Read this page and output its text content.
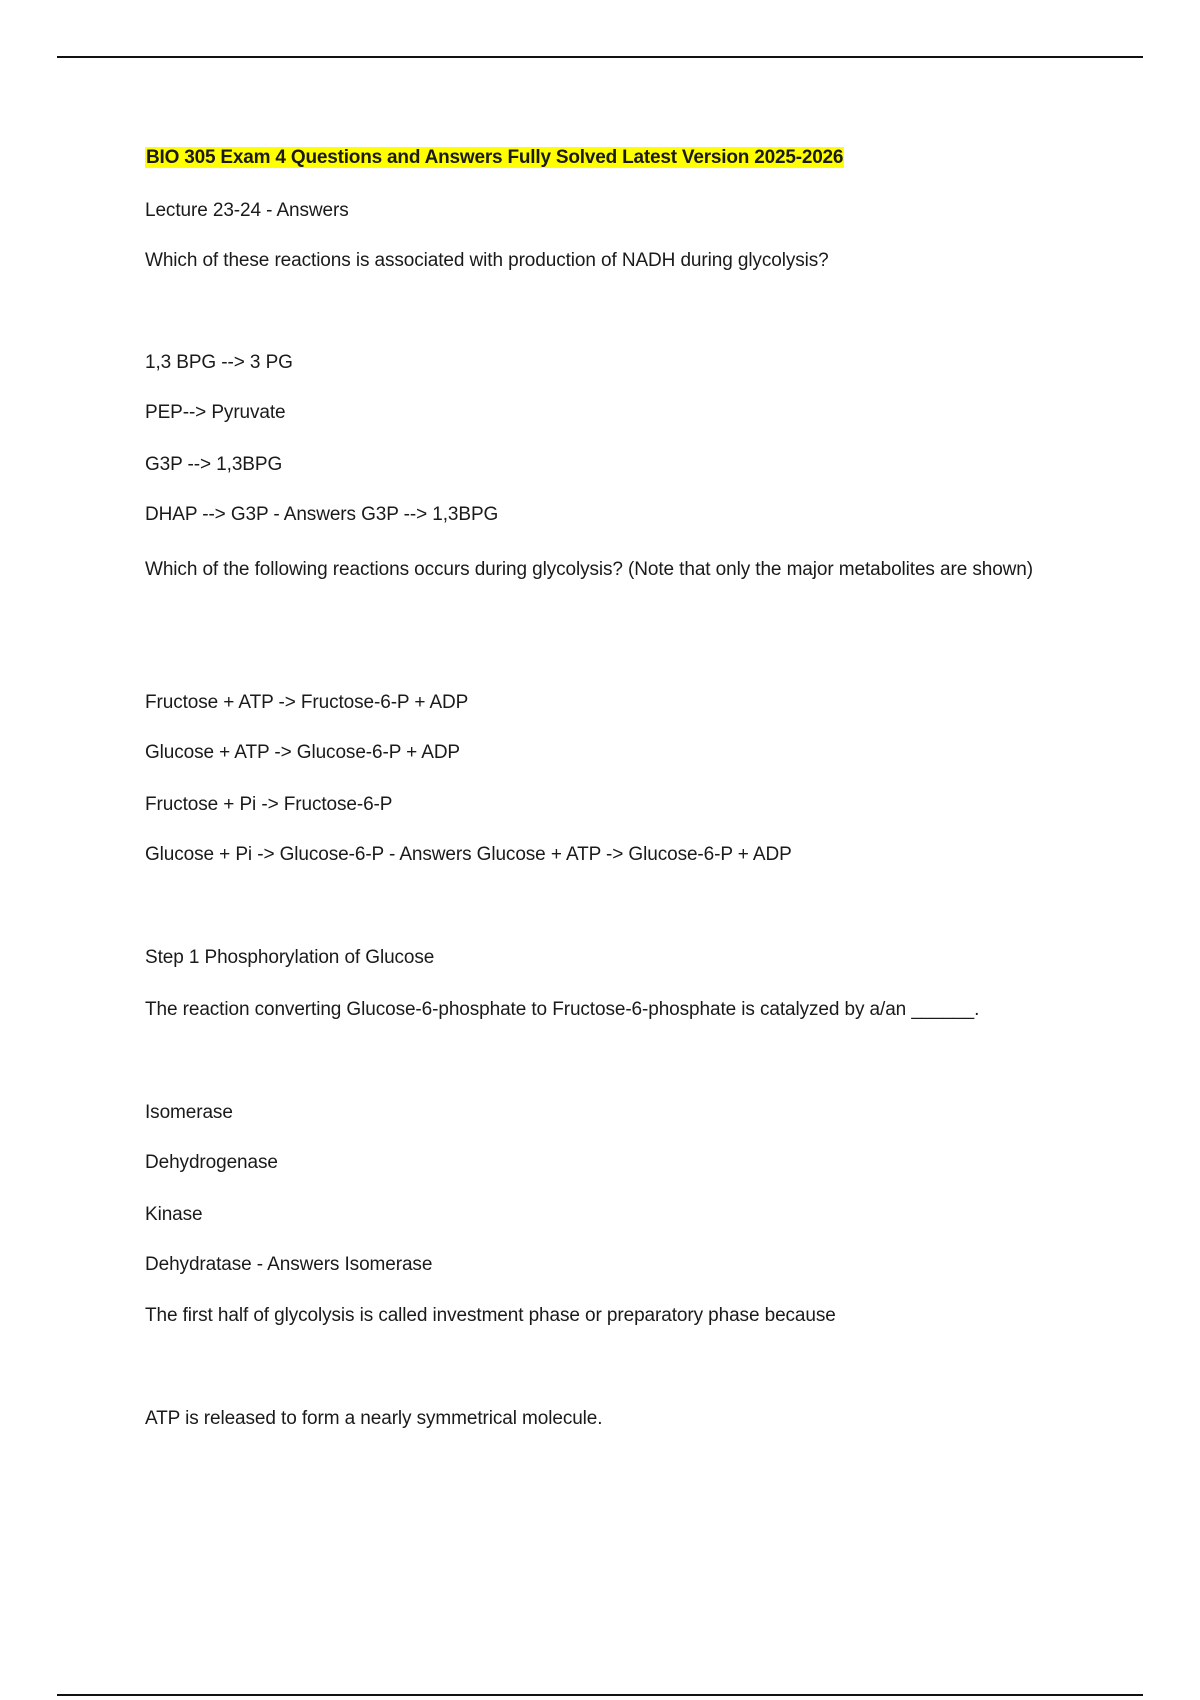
BIO 305 Exam 4 Questions and Answers Fully Solved Latest Version 2025-2026
Lecture 23-24 - Answers
Which of these reactions is associated with production of NADH during glycolysis?
1,3 BPG --> 3 PG
PEP--> Pyruvate
G3P --> 1,3BPG
DHAP --> G3P - Answers G3P --> 1,3BPG
Which of the following reactions occurs during glycolysis? (Note that only the major metabolites are shown)
Fructose + ATP -> Fructose-6-P + ADP
Glucose + ATP -> Glucose-6-P + ADP
Fructose + Pi -> Fructose-6-P
Glucose + Pi -> Glucose-6-P - Answers Glucose + ATP -> Glucose-6-P + ADP
Step 1 Phosphorylation of Glucose
The reaction converting Glucose-6-phosphate to Fructose-6-phosphate is catalyzed by a/an ______.
Isomerase
Dehydrogenase
Kinase
Dehydratase - Answers Isomerase
The first half of glycolysis is called investment phase or preparatory phase because
ATP is released to form a nearly symmetrical molecule.
